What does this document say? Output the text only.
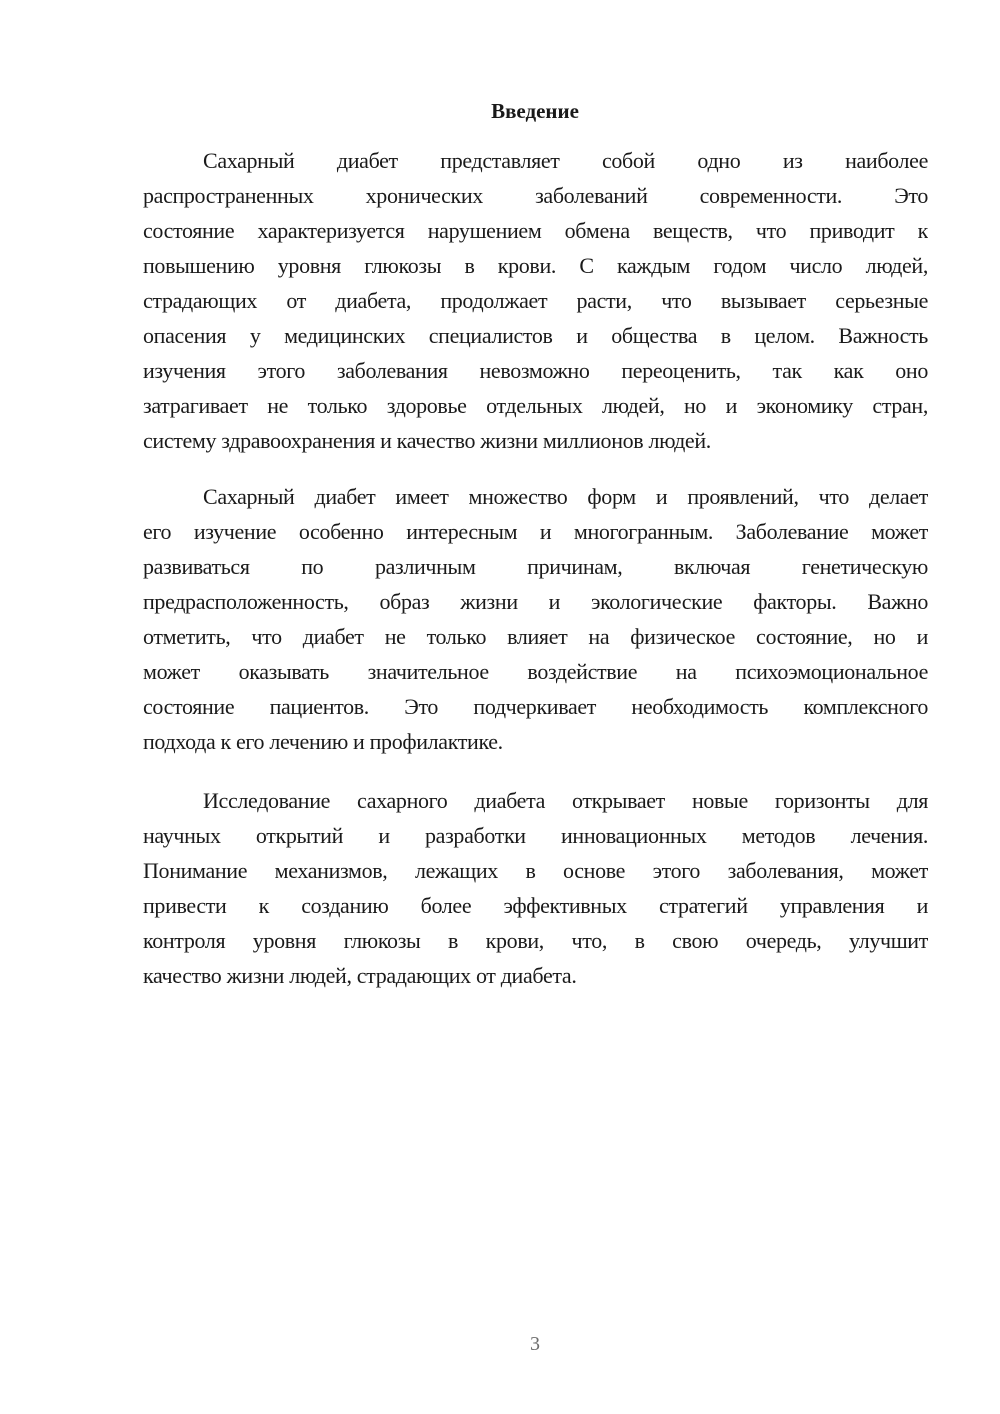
Введение
Сахарный диабет представляет собой одно из наиболее
распространенных хронических заболеваний современности. Это
состояние характеризуется нарушением обмена веществ, что приводит к
повышению уровня глюкозы в крови. С каждым годом число людей,
страдающих от диабета, продолжает расти, что вызывает серьезные
опасения у медицинских специалистов и общества в целом. Важность
изучения этого заболевания невозможно переоценить, так как оно
затрагивает не только здоровье отдельных людей, но и экономику стран,
систему здравоохранения и качество жизни миллионов людей.
Сахарный диабет имеет множество форм и проявлений, что делает
его изучение особенно интересным и многогранным. Заболевание может
развиваться по различным причинам, включая генетическую
предрасположенность, образ жизни и экологические факторы. Важно
отметить, что диабет не только влияет на физическое состояние, но и
может оказывать значительное воздействие на психоэмоциональное
состояние пациентов. Это подчеркивает необходимость комплексного
подхода к его лечению и профилактике.
Исследование сахарного диабета открывает новые горизонты для
научных открытий и разработки инновационных методов лечения.
Понимание механизмов, лежащих в основе этого заболевания, может
привести к созданию более эффективных стратегий управления и
контроля уровня глюкозы в крови, что, в свою очередь, улучшит
качество жизни людей, страдающих от диабета.
3
